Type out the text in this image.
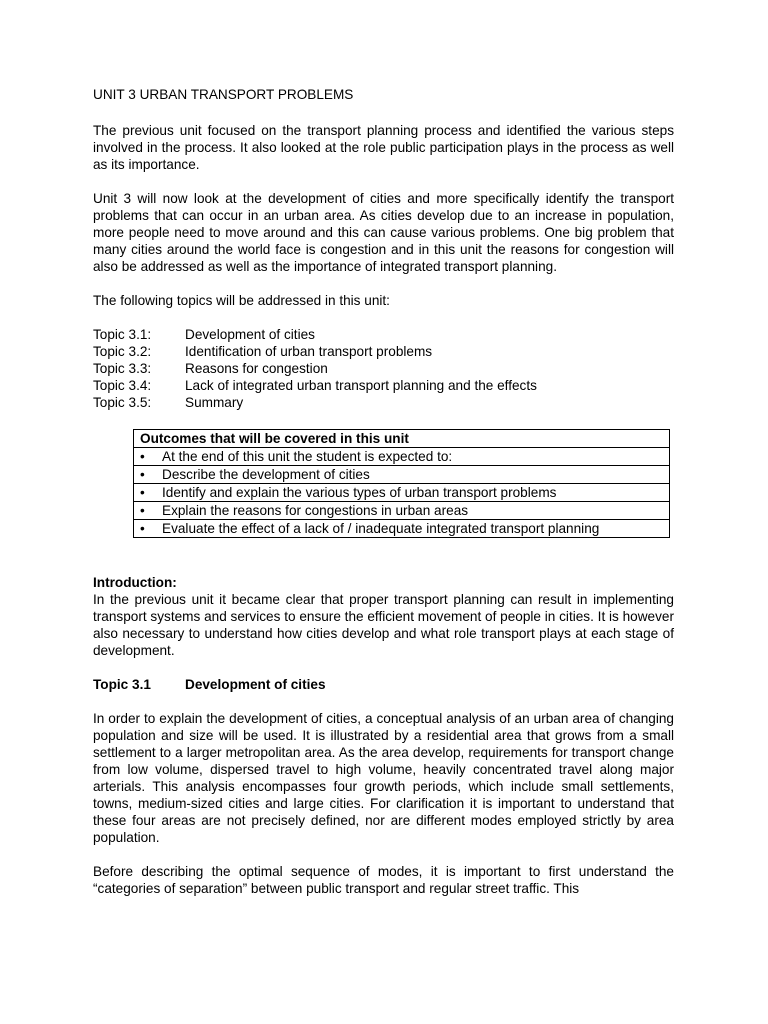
UNIT 3 URBAN TRANSPORT PROBLEMS

The previous unit focused on the transport planning process and identified the various steps involved in the process. It also looked at the role public participation plays in the process as well as its importance.

Unit 3 will now look at the development of cities and more specifically identify the transport problems that can occur in an urban area. As cities develop due to an increase in population, more people need to move around and this can cause various problems. One big problem that many cities around the world face is congestion and in this unit the reasons for congestion will also be addressed as well as the importance of integrated transport planning.

The following topics will be addressed in this unit:

Topic 3.1:	Development of cities
Topic 3.2:	Identification of urban transport problems
Topic 3.3:	Reasons for congestion
Topic 3.4:	Lack of integrated urban transport planning and the effects
Topic 3.5:	Summary
Outcomes that will be covered in this unit
• At the end of this unit the student is expected to:
• Describe the development of cities
• Identify and explain the various types of urban transport problems
• Explain the reasons for congestions in urban areas
• Evaluate the effect of a lack of / inadequate integrated transport planning
Introduction:

In the previous unit it became clear that proper transport planning can result in implementing transport systems and services to ensure the efficient movement of people in cities. It is however also necessary to understand how cities develop and what role transport plays at each stage of development.

Topic 3.1	Development of cities

In order to explain the development of cities, a conceptual analysis of an urban area of changing population and size will be used. It is illustrated by a residential area that grows from a small settlement to a larger metropolitan area. As the area develop, requirements for transport change from low volume, dispersed travel to high volume, heavily concentrated travel along major arterials. This analysis encompasses four growth periods, which include small settlements, towns, medium-sized cities and large cities. For clarification it is important to understand that these four areas are not precisely defined, nor are different modes employed strictly by area population.

Before describing the optimal sequence of modes, it is important to first understand the “categories of separation” between public transport and regular street traffic. This
